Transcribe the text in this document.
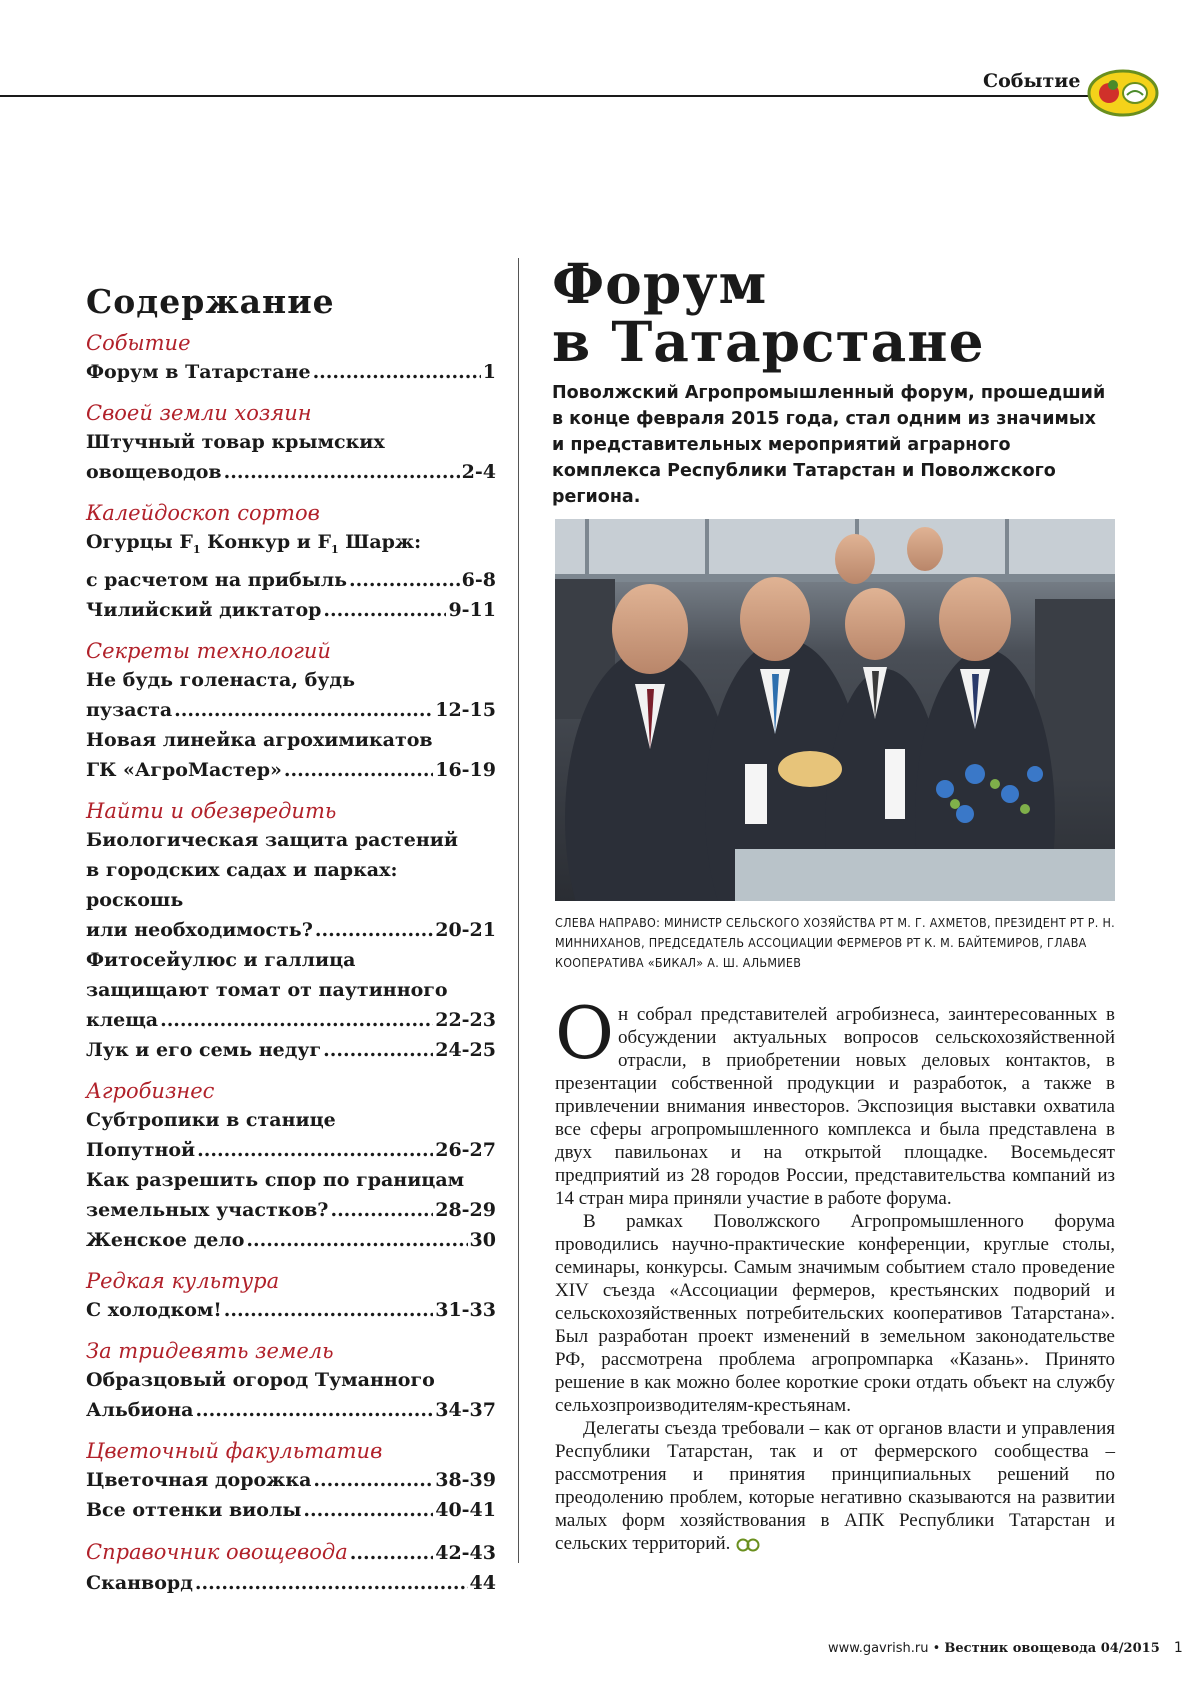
Событие
Содержание
Событие
Форум в Татарстане .....	1
Своей земли хозяин
Штучный товар крымских
овощеводов .....	2-4
Калейдоскоп сортов
Огурцы $F_1$ Конкур и $F_1$ Шарж:
с расчетом на прибыль .....	6-8
Чилийский диктатор .....	9-11
Секреты технологий
Не будь голенаста, будь
пузаста .....	12-15
Новая линейка агрохимикатов
ГК «АгроМастер» .....	16-19
Найти и обезвредить
Биологическая защита растений
в городских садах и парках: роскошь
или необходимость? .....	20-21
Фитосейулюс и галлица
защищают томат от паутинного
клеща .....	22-23
Лук и его семь недуг .....	24-25
Агробизнес
Субтропики в станице
Попутной .....	26-27
Как разрешить спор по границам
земельных участков? .....	28-29
Женское дело .....	30
Редкая культура
С холодком! .....	31-33
За тридевять земель
Образцовый огород Туманного
Альбиона .....	34-37
Цветочный факультатив
Цветочная дорожка .....	38-39
Все оттенки виолы .....	40-41
Справочник овощевода .....	42-43
Сканворд .....	44
Форум
в Татарстане
Поволжский Агропромышленный форум, прошедший в конце февраля 2015 года, стал одним из значимых и представительных мероприятий аграрного комплекса Республики Татарстан и Поволжского региона.
СЛЕВА НАПРАВО: МИНИСТР СЕЛЬСКОГО ХОЗЯЙСТВА РТ М. Г. АХМЕТОВ, ПРЕЗИДЕНТ РТ Р. Н. МИННИХАНОВ, ПРЕДСЕДАТЕЛЬ АССОЦИАЦИИ ФЕРМЕРОВ РТ К. М. БАЙТЕМИРОВ, ГЛАВА КООПЕРАТИВА «БИКАЛ» А. Ш. АЛЬМИЕВ

Он собрал представителей агробизнеса, заинтересованных в обсуждении актуальных вопросов сельскохозяйственной отрасли, в приобретении новых деловых контактов, в презентации собственной продукции и разработок, а также в привлечении внимания инвесторов. Экспозиция выставки охватила все сферы агропромышленного комплекса и была представлена в двух павильонах и на открытой площадке. Восемьдесят предприятий из 28 городов России, представительства компаний из 14 стран мира приняли участие в работе форума.

В рамках Поволжского Агропромышленного форума проводились научно-практические конференции, круглые столы, семинары, конкурсы. Самым значимым событием стало проведение XIV съезда «Ассоциации фермеров, крестьянских подворий и сельскохозяйственных потребительских кооперативов Татарстана». Был разработан проект изменений в земельном законодательстве РФ, рассмотрена проблема агропромпарка «Казань». Принято решение в как можно более короткие сроки отдать объект на службу сельхозпроизводителям-крестьянам.

Делегаты съезда требовали – как от органов власти и управления Республики Татарстан, так и от фермерского сообщества – рассмотрения и принятия принципиальных решений по преодолению проблем, которые негативно сказываются на развитии малых форм хозяйствования в АПК Республики Татарстан и сельских территорий.

www.gavrish.ru • Вестник овощевода 04/2015 1
